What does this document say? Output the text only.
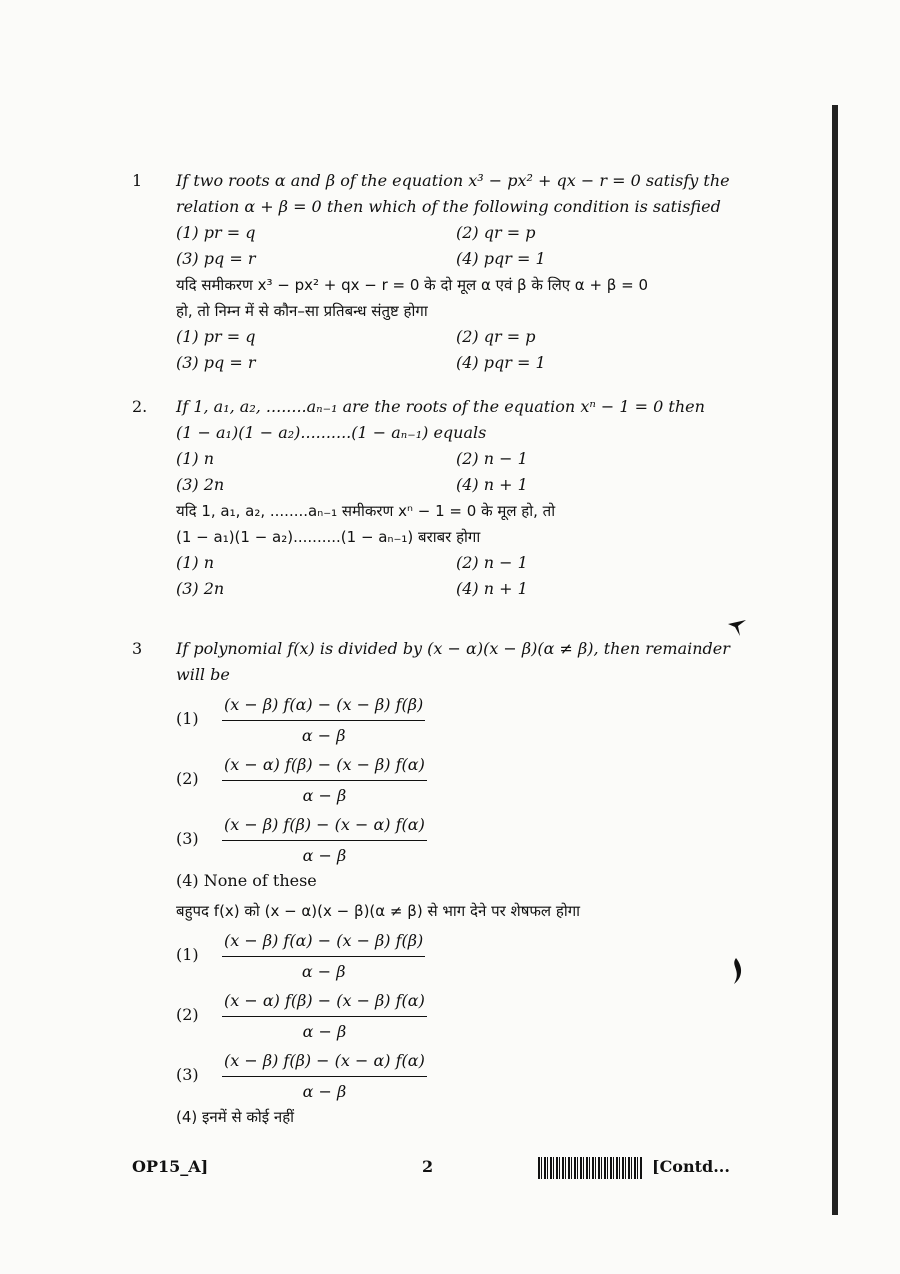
1	If two roots α and β of the equation x³ − px² + qx − r = 0 satisfy the
relation α + β = 0 then which of the following condition is satisfied
(1) pr = q	(2) qr = p
(3) pq = r	(4) pqr = 1
यदि समीकरण x³ − px² + qx − r = 0 के दो मूल α एवं β के लिए α + β = 0
हो, तो निम्न में से कौन–सा प्रतिबन्ध संतुष्ट होगा
(1) pr = q	(2) qr = p
(3) pq = r	(4) pqr = 1
2.	If 1, a₁, a₂, ........aₙ₋₁ are the roots of the equation xⁿ − 1 = 0 then
(1 − a₁)(1 − a₂)..........(1 − aₙ₋₁) equals
(1) n	(2) n − 1
(3) 2n	(4) n + 1
यदि 1, a₁, a₂, ........aₙ₋₁ समीकरण xⁿ − 1 = 0 के मूल हो, तो
(1 − a₁)(1 − a₂)..........(1 − aₙ₋₁) बराबर होगा
(1) n	(2) n − 1
(3) 2n	(4) n + 1
3	If polynomial f(x) is divided by (x − α)(x − β)(α ≠ β), then remainder
will be
$(1) \frac{(x - \beta) f(\alpha) - (x - \beta) f(\beta)}{\alpha - \beta}$
$(2) \frac{(x - \alpha) f(\beta) - (x - \beta) f(\alpha)}{\alpha - \beta}$
$(3) \frac{(x - \beta) f(\beta) - (x - \alpha) f(\alpha)}{\alpha - \beta}$
(4) None of these
बहुपद f(x) को (x − α)(x − β)(α ≠ β) से भाग देने पर शेषफल होगा
$(1) \frac{(x - \beta) f(\alpha) - (x - \beta) f(\beta)}{\alpha - \beta}$
$(2) \frac{(x - \alpha) f(\beta) - (x - \beta) f(\alpha)}{\alpha - \beta}$
$(3) \frac{(x - \beta) f(\beta) - (x - \alpha) f(\alpha)}{\alpha - \beta}$
(4) इनमें से कोई नहीं
OP15_A]	2	[Contd...
